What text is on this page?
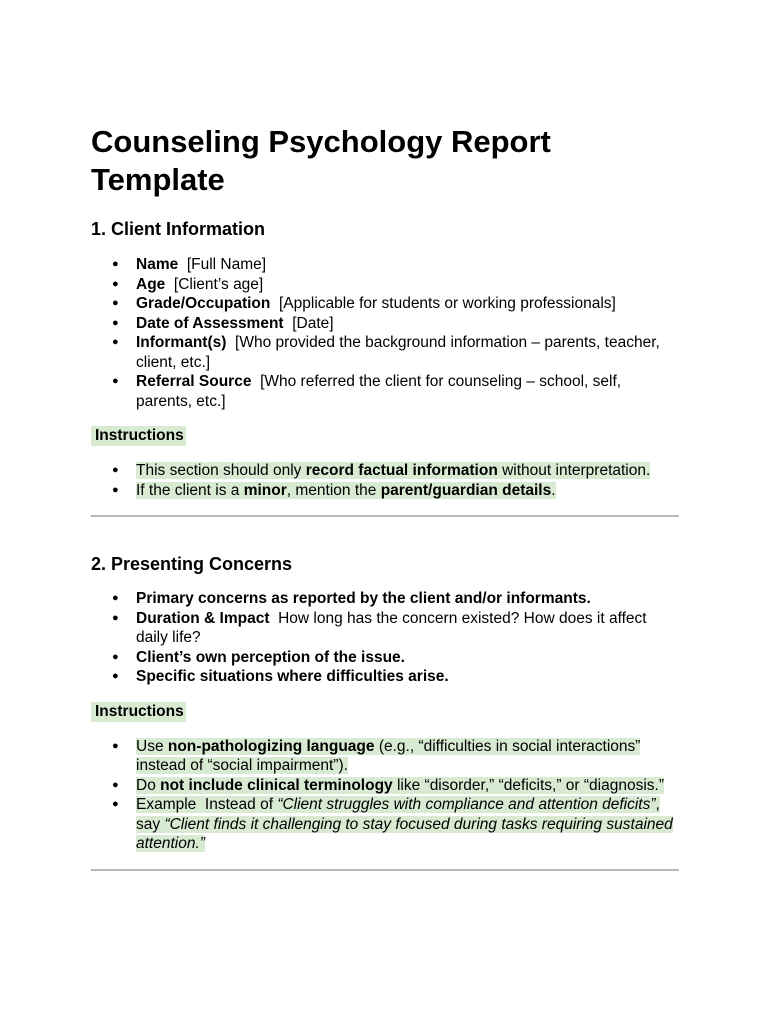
Counseling Psychology Report
Template
1. Client Information
● Name  [Full Name]
● Age  [Client’s age]
● Grade/Occupation  [Applicable for students or working professionals]
● Date of Assessment  [Date]
● Informant(s)  [Who provided the background information – parents, teacher, client, etc.]
● Referral Source  [Who referred the client for counseling – school, self, parents, etc.]
Instructions
● This section should only record factual information without interpretation.
● If the client is a minor, mention the parent/guardian details.
2. Presenting Concerns
● Primary concerns as reported by the client and/or informants.
● Duration & Impact  How long has the concern existed? How does it affect daily life?
● Client’s own perception of the issue.
● Specific situations where difficulties arise.
Instructions
● Use non-pathologizing language (e.g., “difficulties in social interactions” instead of “social impairment”).
● Do not include clinical terminology like “disorder,” “deficits,” or “diagnosis.”
● Example  Instead of “Client struggles with compliance and attention deficits”, say “Client finds it challenging to stay focused during tasks requiring sustained attention.”
